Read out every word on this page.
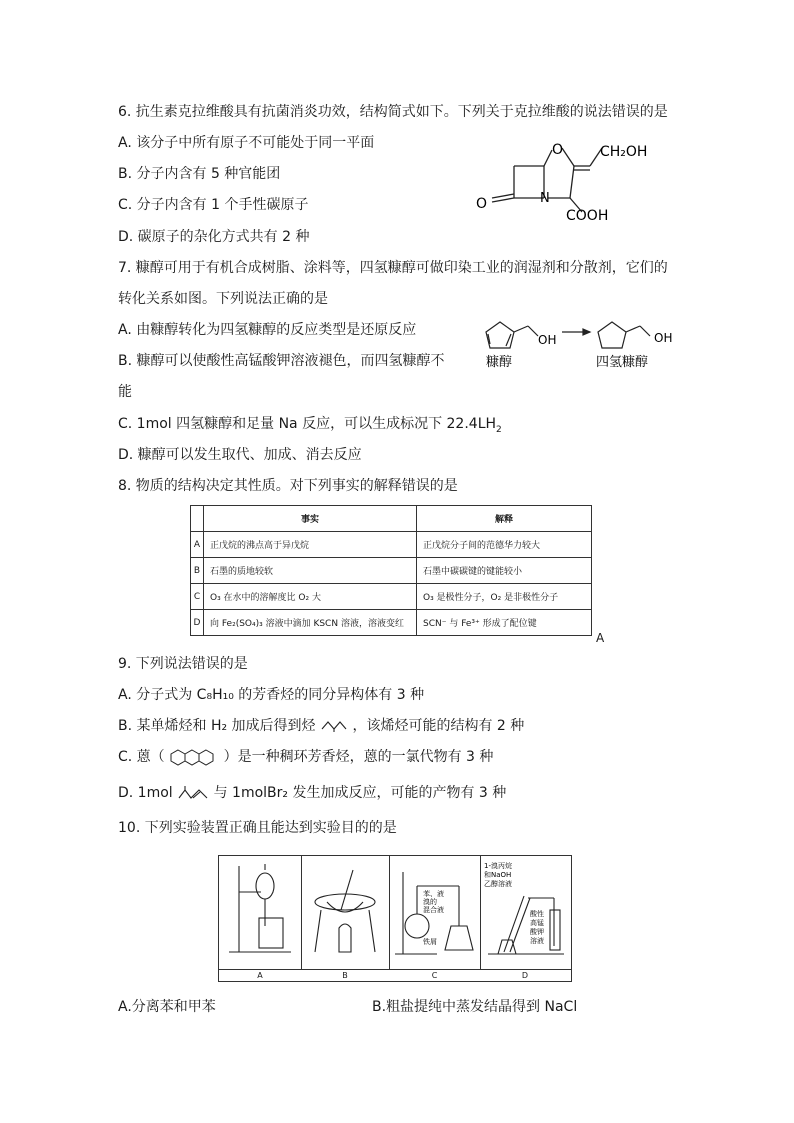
6. 抗生素克拉维酸具有抗菌消炎功效，结构简式如下。下列关于克拉维酸的说法错误的是
A. 该分子中所有原子不可能处于同一平面
B. 分子内含有 5 种官能团
C. 分子内含有 1 个手性碳原子
D. 碳原子的杂化方式共有 2 种
O	CH₂OH
N
O
COOH
7. 糠醇可用于有机合成树脂、涂料等，四氢糠醇可做印染工业的润湿剂和分散剂，它们的
转化关系如图。下列说法正确的是
A. 由糠醇转化为四氢糠醇的反应类型是还原反应
B. 糠醇可以使酸性高锰酸钾溶液褪色，而四氢糠醇不
能
C. 1mol 四氢糠醇和足量 Na 反应，可以生成标况下 $22.4LH_2$
D. 糠醇可以发生取代、加成、消去反应
OH	OH
糠醇	四氢糠醇
8. 物质的结构决定其性质。对下列事实的解释错误的是
	事实	解释
A	正戊烷的沸点高于异戊烷	正戊烷分子间的范德华力较大
B	石墨的质地较软	石墨中碳碳键的键能较小
C	O₃ 在水中的溶解度比 O₂ 大	O₃ 是极性分子，O₂ 是非极性分子
D	向 Fe₂(SO₄)₃ 溶液中滴加 KSCN 溶液，溶液变红	SCN⁻ 与 Fe³⁺ 形成了配位键
A
9. 下列说法错误的是
A. 分子式为 C₈H₁₀ 的芳香烃的同分异构体有 3 种
B. 某单烯烃和 H₂ 加成后得到烃	，该烯烃可能的结构有 2 种
C. 蒽（	）是一种稠环芳香烃，蒽的一氯代物有 3 种
D. 1mol	与 1molBr₂ 发生加成反应，可能的产物有 3 种
10. 下列实验装置正确且能达到实验目的的是
苯、液
溴的
混合液
铁屑
1-溴丙烷
和NaOH
乙醇溶液
酸性
高锰
酸钾
溶液
A	B	C	D
A.分离苯和甲苯	B.粗盐提纯中蒸发结晶得到 NaCl
